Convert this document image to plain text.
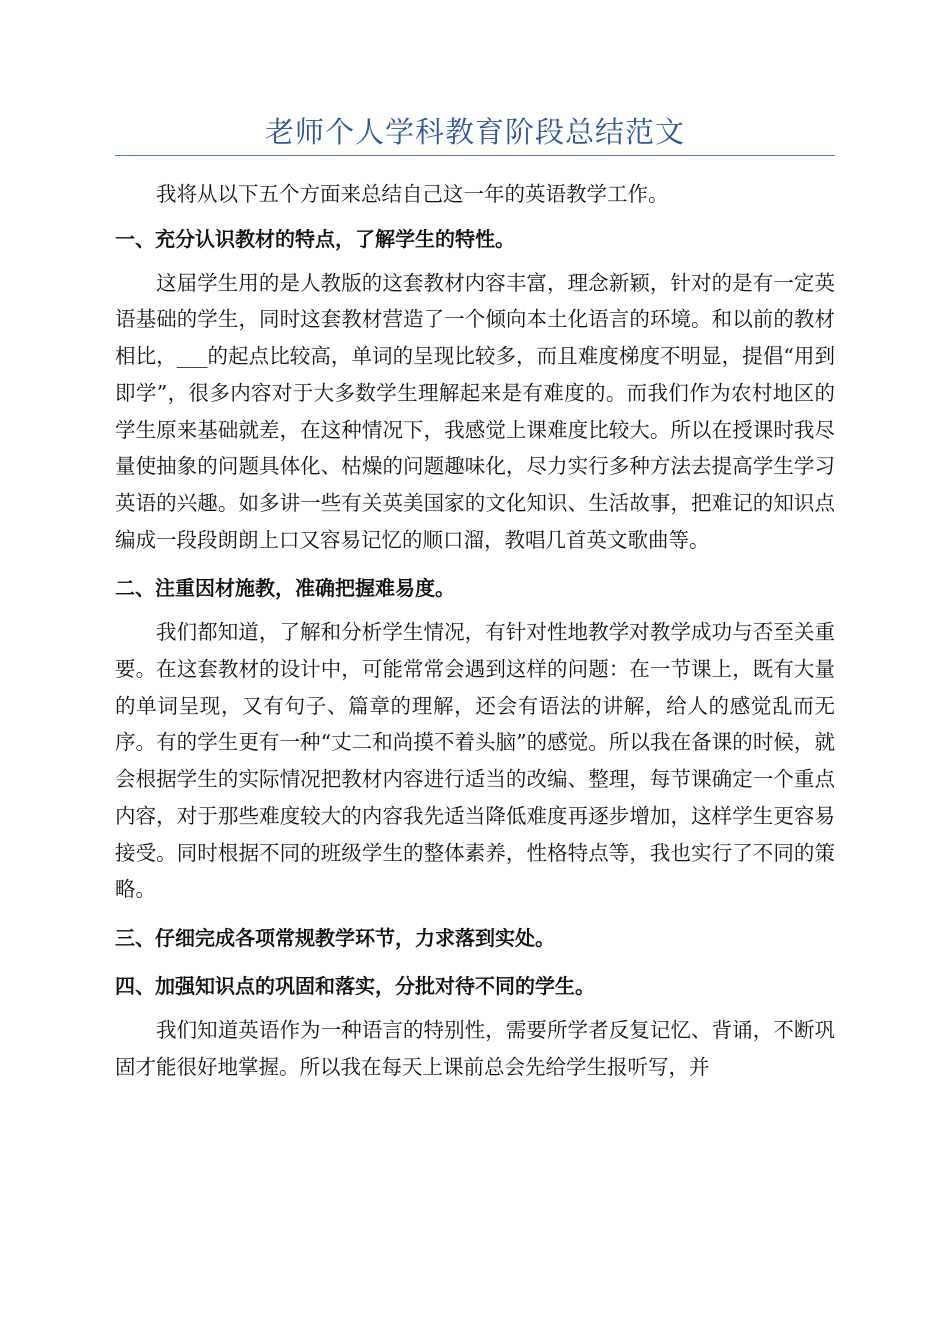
老师个人学科教育阶段总结范文

我将从以下五个方面来总结自己这一年的英语教学工作。

一、充分认识教材的特点，了解学生的特性。

这届学生用的是人教版的这套教材内容丰富，理念新颖，针对的是有一定英语基础的学生，同时这套教材营造了一个倾向本土化语言的环境。和以前的教材相比，___的起点比较高，单词的呈现比较多，而且难度梯度不明显，提倡“用到即学”，很多内容对于大多数学生理解起来是有难度的。而我们作为农村地区的学生原来基础就差，在这种情况下，我感觉上课难度比较大。所以在授课时我尽量使抽象的问题具体化、枯燥的问题趣味化，尽力实行多种方法去提高学生学习英语的兴趣。如多讲一些有关英美国家的文化知识、生活故事，把难记的知识点编成一段段朗朗上口又容易记忆的顺口溜，教唱几首英文歌曲等。

二、注重因材施教，准确把握难易度。

我们都知道，了解和分析学生情况，有针对性地教学对教学成功与否至关重要。在这套教材的设计中，可能常常会遇到这样的问题：在一节课上，既有大量的单词呈现，又有句子、篇章的理解，还会有语法的讲解，给人的感觉乱而无序。有的学生更有一种“丈二和尚摸不着头脑”的感觉。所以我在备课的时候，就会根据学生的实际情况把教材内容进行适当的改编、整理，每节课确定一个重点内容，对于那些难度较大的内容我先适当降低难度再逐步增加，这样学生更容易接受。同时根据不同的班级学生的整体素养，性格特点等，我也实行了不同的策略。

三、仔细完成各项常规教学环节，力求落到实处。

四、加强知识点的巩固和落实，分批对待不同的学生。

我们知道英语作为一种语言的特别性，需要所学者反复记忆、背诵，不断巩固才能很好地掌握。所以我在每天上课前总会先给学生报听写，并
